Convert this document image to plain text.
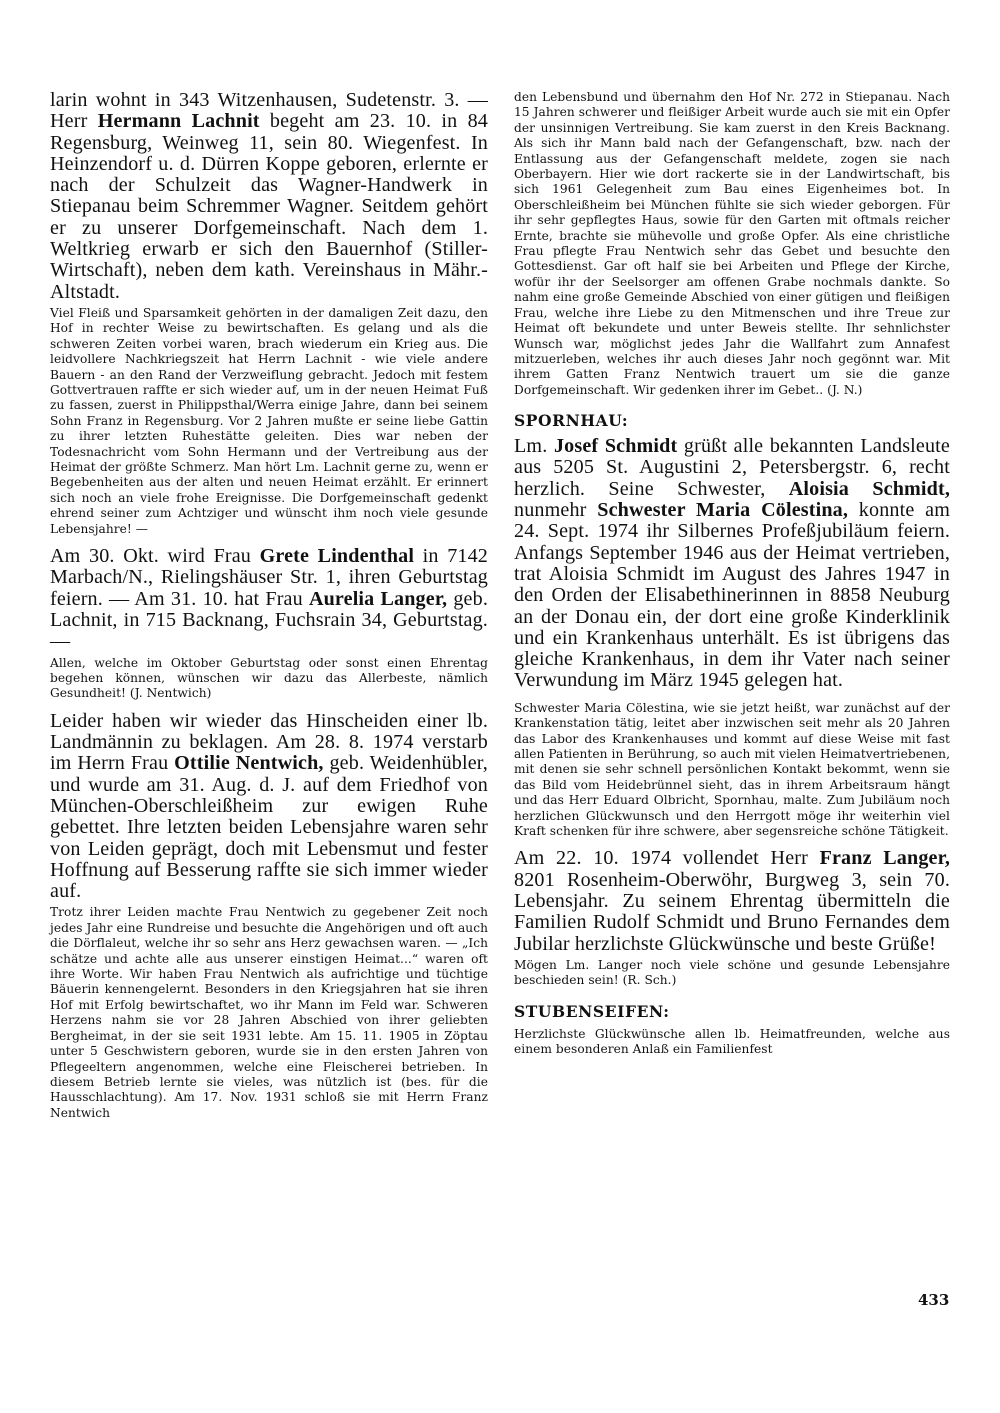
larin wohnt in 343 Witzenhausen, Sudetenstr. 3. — Herr Hermann Lachnit begeht am 23. 10. in 84 Regensburg, Weinweg 11, sein 80. Wiegenfest. In Heinzendorf u. d. Dürren Koppe geboren, erlernte er nach der Schulzeit das Wagner-Handwerk in Stiepanau beim Schremmer Wagner. Seitdem gehört er zu unserer Dorfgemeinschaft. Nach dem 1. Weltkrieg erwarb er sich den Bauernhof (Stiller-Wirtschaft), neben dem kath. Vereinshaus in Mähr.-Altstadt.

Viel Fleiß und Sparsamkeit gehörten in der damaligen Zeit dazu, den Hof in rechter Weise zu bewirtschaften. Es gelang und als die schweren Zeiten vorbei waren, brach wiederum ein Krieg aus. Die leidvollere Nachkriegszeit hat Herrn Lachnit - wie viele andere Bauern - an den Rand der Verzweiflung gebracht. Jedoch mit festem Gottvertrauen raffte er sich wieder auf, um in der neuen Heimat Fuß zu fassen, zuerst in Philippsthal/Werra einige Jahre, dann bei seinem Sohn Franz in Regensburg. Vor 2 Jahren mußte er seine liebe Gattin zu ihrer letzten Ruhestätte geleiten. Dies war neben der Todesnachricht vom Sohn Hermann und der Vertreibung aus der Heimat der größte Schmerz. Man hört Lm. Lachnit gerne zu, wenn er Begebenheiten aus der alten und neuen Heimat erzählt. Er erinnert sich noch an viele frohe Ereignisse. Die Dorfgemeinschaft gedenkt ehrend seiner zum Achtziger und wünscht ihm noch viele gesunde Lebensjahre! —

Am 30. Okt. wird Frau Grete Lindenthal in 7142 Marbach/N., Rielingshäuser Str. 1, ihren Geburtstag feiern. — Am 31. 10. hat Frau Aurelia Langer, geb. Lachnit, in 715 Backnang, Fuchsrain 34, Geburtstag. —

Allen, welche im Oktober Geburtstag oder sonst einen Ehrentag begehen können, wünschen wir dazu das Allerbeste, nämlich Gesundheit! (J. Nentwich)

Leider haben wir wieder das Hinscheiden einer lb. Landmännin zu beklagen. Am 28. 8. 1974 verstarb im Herrn Frau Ottilie Nentwich, geb. Weidenhübler, und wurde am 31. Aug. d. J. auf dem Friedhof von München-Oberschleißheim zur ewigen Ruhe gebettet. Ihre letzten beiden Lebensjahre waren sehr von Leiden geprägt, doch mit Lebensmut und fester Hoffnung auf Besserung raffte sie sich immer wieder auf.

Trotz ihrer Leiden machte Frau Nentwich zu gegebener Zeit noch jedes Jahr eine Rundreise und besuchte die Angehörigen und oft auch die Dörflaleut, welche ihr so sehr ans Herz gewachsen waren. — „Ich schätze und achte alle aus unserer einstigen Heimat...“ waren oft ihre Worte. Wir haben Frau Nentwich als aufrichtige und tüchtige Bäuerin kennengelernt. Besonders in den Kriegsjahren hat sie ihren Hof mit Erfolg bewirtschaftet, wo ihr Mann im Feld war. Schweren Herzens nahm sie vor 28 Jahren Abschied von ihrer geliebten Bergheimat, in der sie seit 1931 lebte. Am 15. 11. 1905 in Zöptau unter 5 Geschwistern geboren, wurde sie in den ersten Jahren von Pflegeeltern angenommen, welche eine Fleischerei betrieben. In diesem Betrieb lernte sie vieles, was nützlich ist (bes. für die Hausschlachtung). Am 17. Nov. 1931 schloß sie mit Herrn Franz Nentwich

den Lebensbund und übernahm den Hof Nr. 272 in Stiepanau. Nach 15 Jahren schwerer und fleißiger Arbeit wurde auch sie mit ein Opfer der unsinnigen Vertreibung. Sie kam zuerst in den Kreis Backnang. Als sich ihr Mann bald nach der Gefangenschaft, bzw. nach der Entlassung aus der Gefangenschaft meldete, zogen sie nach Oberbayern. Hier wie dort rackerte sie in der Landwirtschaft, bis sich 1961 Gelegenheit zum Bau eines Eigenheimes bot. In Oberschleißheim bei München fühlte sie sich wieder geborgen. Für ihr sehr gepflegtes Haus, sowie für den Garten mit oftmals reicher Ernte, brachte sie mühevolle und große Opfer. Als eine christliche Frau pflegte Frau Nentwich sehr das Gebet und besuchte den Gottesdienst. Gar oft half sie bei Arbeiten und Pflege der Kirche, wofür ihr der Seelsorger am offenen Grabe nochmals dankte. So nahm eine große Gemeinde Abschied von einer gütigen und fleißigen Frau, welche ihre Liebe zu den Mitmenschen und ihre Treue zur Heimat oft bekundete und unter Beweis stellte. Ihr sehnlichster Wunsch war, möglichst jedes Jahr die Wallfahrt zum Annafest mitzuerleben, welches ihr auch dieses Jahr noch gegönnt war. Mit ihrem Gatten Franz Nentwich trauert um sie die ganze Dorfgemeinschaft. Wir gedenken ihrer im Gebet.. (J. N.)

SPORNHAU:

Lm. Josef Schmidt grüßt alle bekannten Landsleute aus 5205 St. Augustini 2, Petersbergstr. 6, recht herzlich. Seine Schwester, Aloisia Schmidt, nunmehr Schwester Maria Cölestina, konnte am 24. Sept. 1974 ihr Silbernes Profeßjubiläum feiern. Anfangs September 1946 aus der Heimat vertrieben, trat Aloisia Schmidt im August des Jahres 1947 in den Orden der Elisabethinerinnen in 8858 Neuburg an der Donau ein, der dort eine große Kinderklinik und ein Krankenhaus unterhält. Es ist übrigens das gleiche Krankenhaus, in dem ihr Vater nach seiner Verwundung im März 1945 gelegen hat.

Schwester Maria Cölestina, wie sie jetzt heißt, war zunächst auf der Krankenstation tätig, leitet aber inzwischen seit mehr als 20 Jahren das Labor des Krankenhauses und kommt auf diese Weise mit fast allen Patienten in Berührung, so auch mit vielen Heimatvertriebenen, mit denen sie sehr schnell persönlichen Kontakt bekommt, wenn sie das Bild vom Heidebrünnel sieht, das in ihrem Arbeitsraum hängt und das Herr Eduard Olbricht, Spornhau, malte. Zum Jubiläum noch herzlichen Glückwunsch und den Herrgott möge ihr weiterhin viel Kraft schenken für ihre schwere, aber segensreiche schöne Tätigkeit.

Am 22. 10. 1974 vollendet Herr Franz Langer, 8201 Rosenheim-Oberwöhr, Burgweg 3, sein 70. Lebensjahr. Zu seinem Ehrentag übermitteln die Familien Rudolf Schmidt und Bruno Fernandes dem Jubilar herzlichste Glückwünsche und beste Grüße!

Mögen Lm. Langer noch viele schöne und gesunde Lebensjahre beschieden sein! (R. Sch.)

STUBENSEIFEN:

Herzlichste Glückwünsche allen lb. Heimatfreunden, welche aus einem besonderen Anlaß ein Familienfest

433
